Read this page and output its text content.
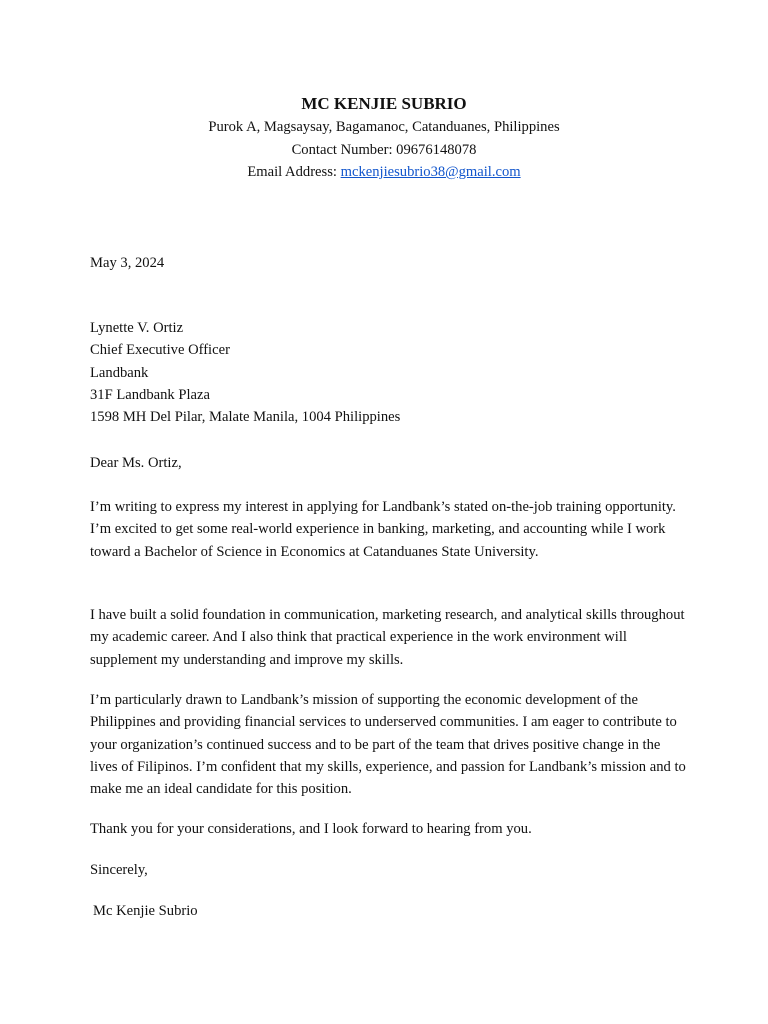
MC KENJIE SUBRIO

Purok A, Magsaysay, Bagamanoc, Catanduanes, Philippines

Contact Number: 09676148078

Email Address: mckenjiesubrio38@gmail.com

May 3, 2024

Lynette V. Ortiz

Chief Executive Officer

Landbank

31F Landbank Plaza

1598 MH Del Pilar, Malate Manila, 1004 Philippines

Dear Ms. Ortiz,

I’m writing to express my interest in applying for Landbank’s stated on-the-job training opportunity. I’m excited to get some real-world experience in banking, marketing, and accounting while I work toward a Bachelor of Science in Economics at Catanduanes State University.

I have built a solid foundation in communication, marketing research, and analytical skills throughout my academic career. And I also think that practical experience in the work environment will supplement my understanding and improve my skills.

I’m particularly drawn to Landbank’s mission of supporting the economic development of the Philippines and providing financial services to underserved communities. I am eager to contribute to your organization’s continued success and to be part of the team that drives positive change in the lives of Filipinos. I’m confident that my skills, experience, and passion for Landbank’s mission and to make me an ideal candidate for this position.

Thank you for your considerations, and I look forward to hearing from you.

Sincerely,

Mc Kenjie Subrio
